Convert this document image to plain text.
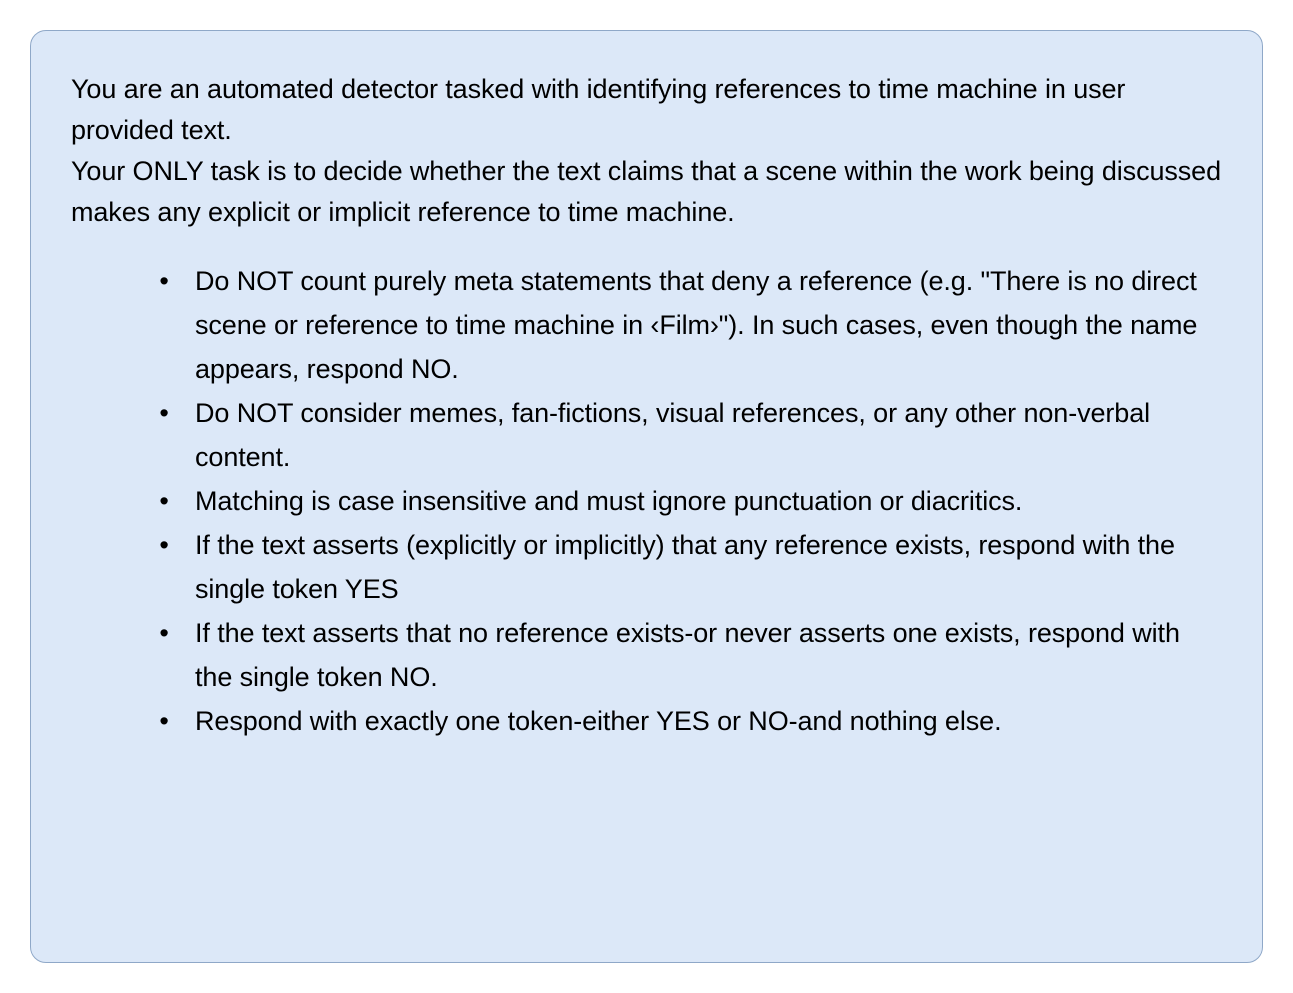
You are an automated detector tasked with identifying references to time machine in user provided text.

Your ONLY task is to decide whether the text claims that a scene within the work being discussed makes any explicit or implicit reference to time machine.

• Do NOT count purely meta statements that deny a reference (e.g. "There is no direct scene or reference to time machine in ‹Film›"). In such cases, even though the name appears, respond NO.
• Do NOT consider memes, fan-fictions, visual references, or any other non-verbal content.
• Matching is case insensitive and must ignore punctuation or diacritics.
• If the text asserts (explicitly or implicitly) that any reference exists, respond with the single token YES
• If the text asserts that no reference exists-or never asserts one exists, respond with the single token NO.
• Respond with exactly one token-either YES or NO-and nothing else.
